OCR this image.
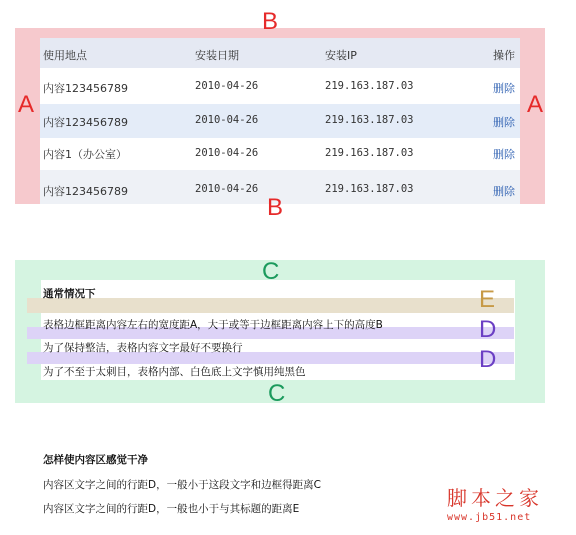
使用地点	安装日期	安装IP	操作
内容123456789	2010-04-26	219.163.187.03	删除
内容123456789	2010-04-26	219.163.187.03	删除
内容1（办公室）	2010-04-26	219.163.187.03	删除
内容123456789	2010-04-26	219.163.187.03	删除
B
B
A	A
C
C
E
D
D
通常情况下
表格边框距离内容左右的宽度距A，大于或等于边框距离内容上下的高度B
为了保持整洁，表格内容文字最好不要换行
为了不至于太刺目，表格内部、白色底上文字慎用纯黑色
怎样使内容区感觉干净
内容区文字之间的行距D，一般小于这段文字和边框得距离C
内容区文字之间的行距D，一般也小于与其标题的距离E	脚本之家
www.jb51.net
